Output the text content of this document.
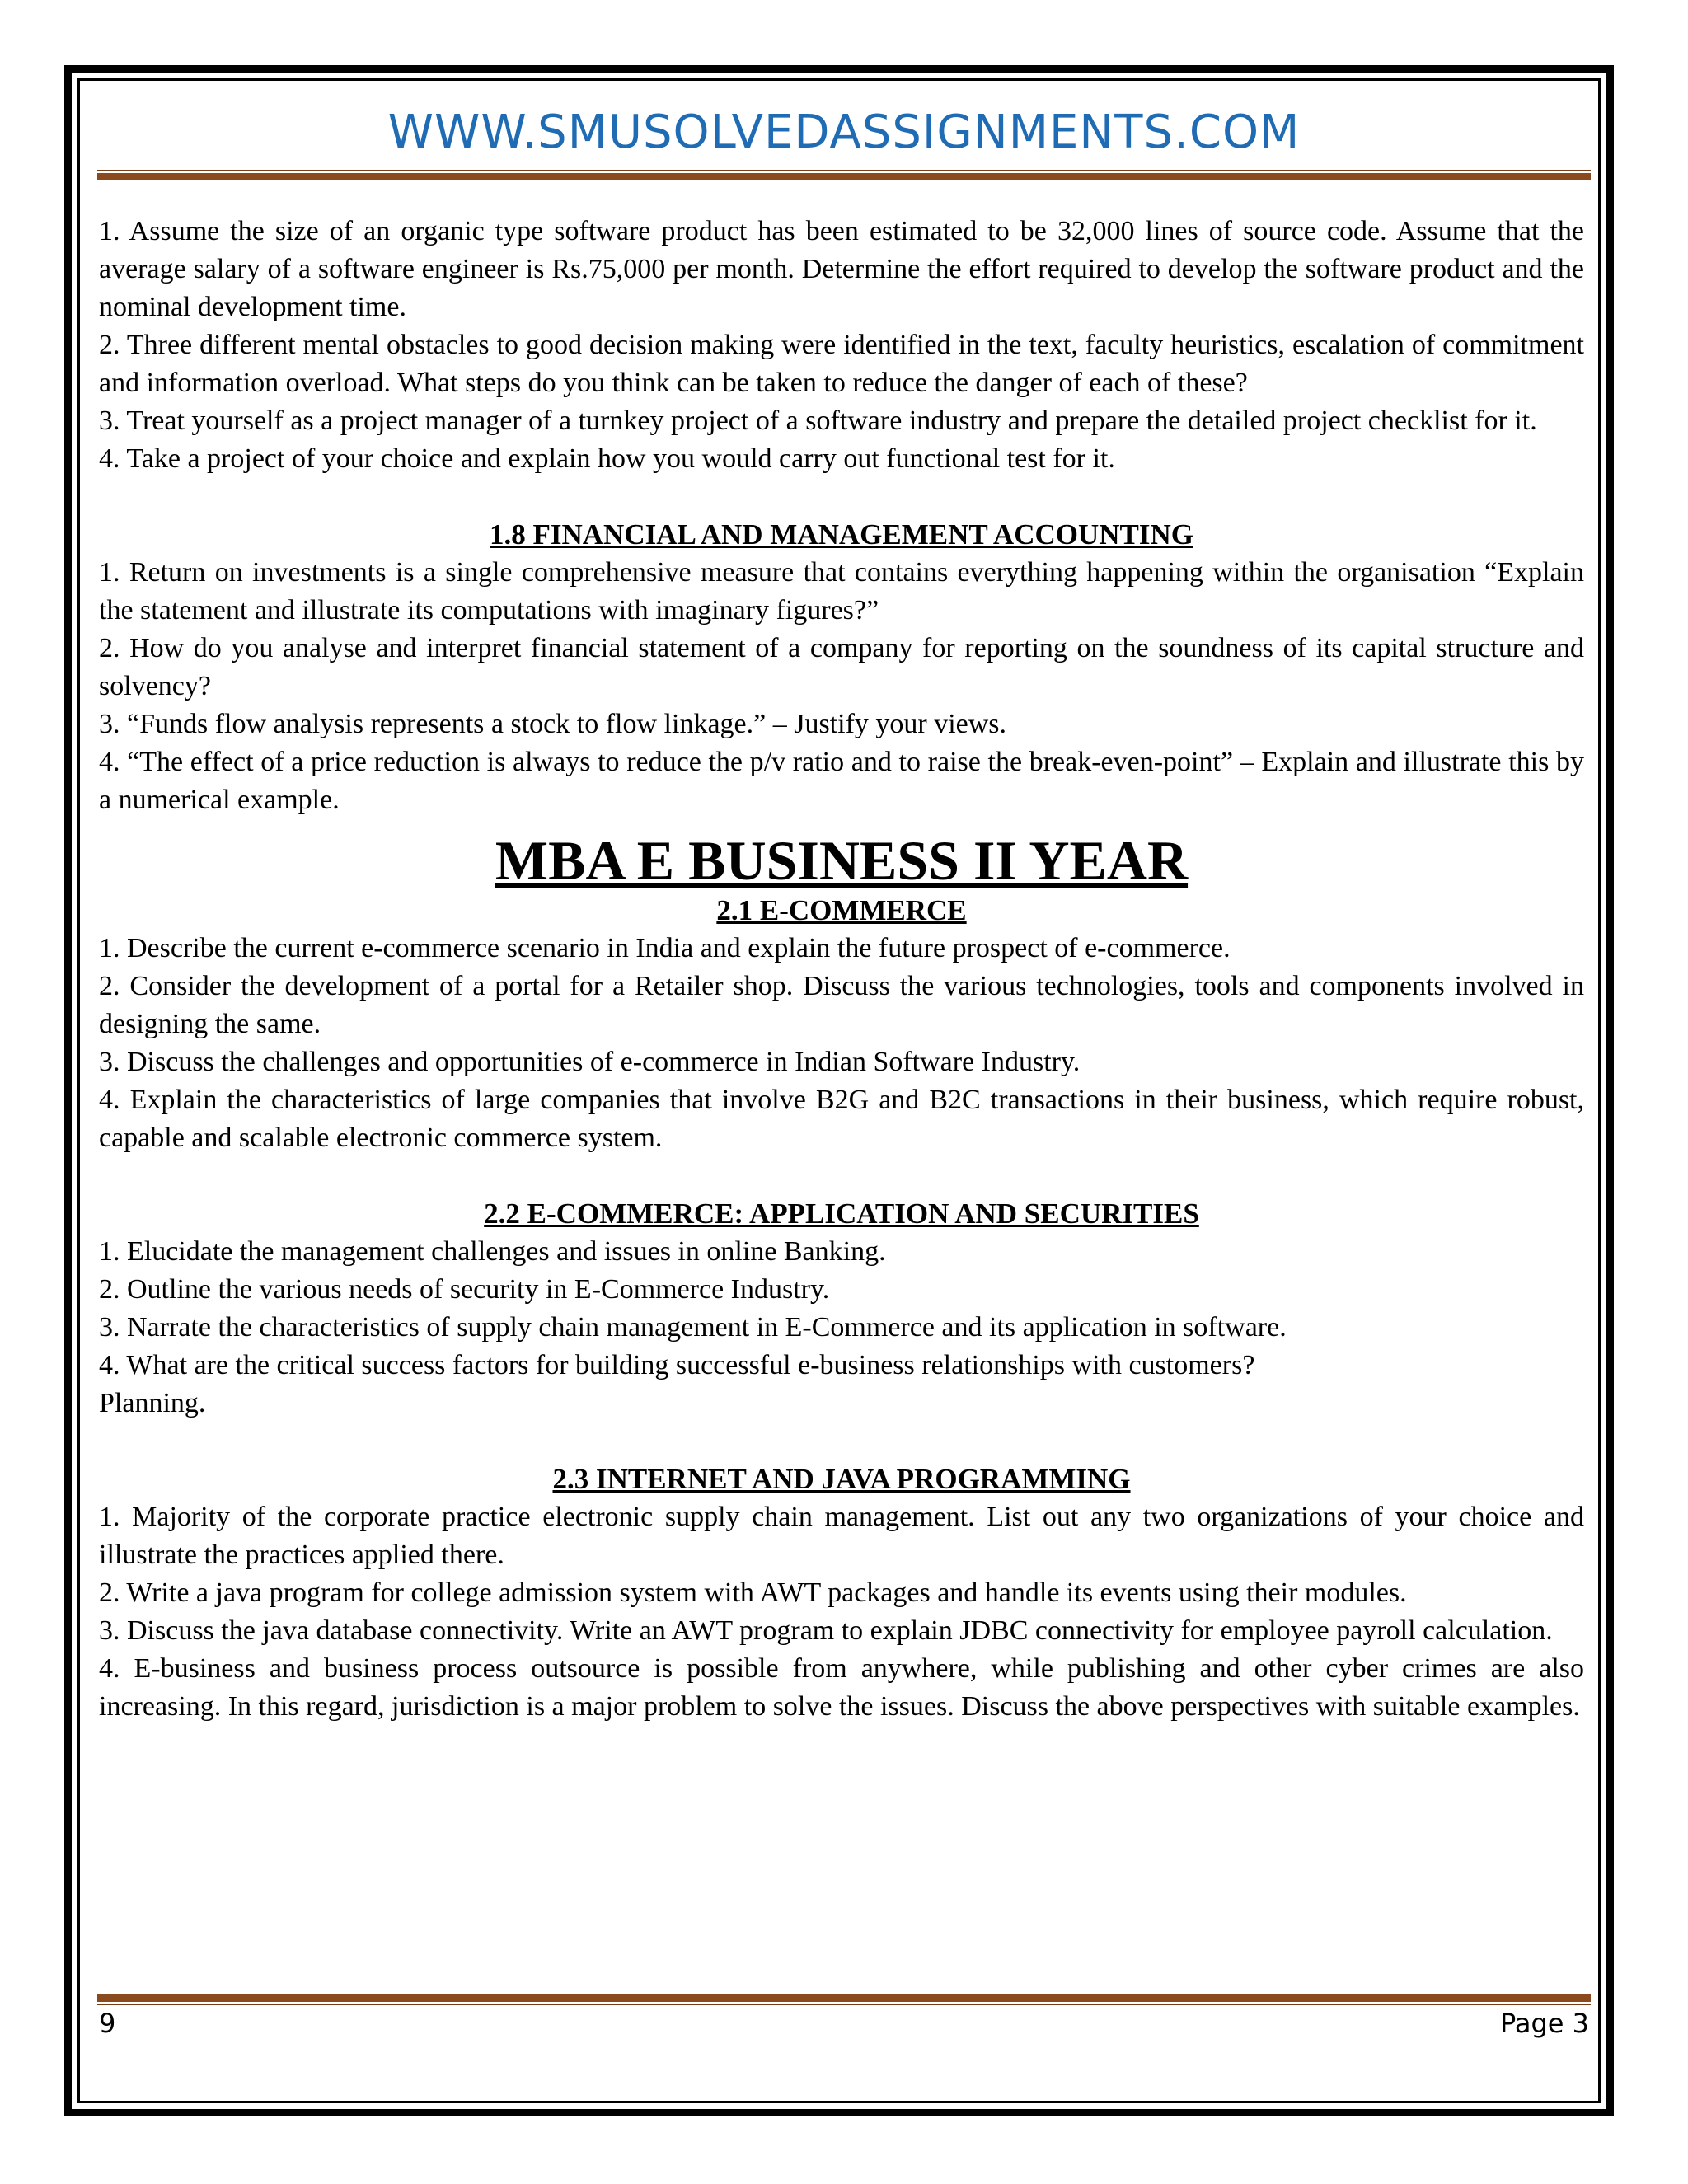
WWW.SMUSOLVEDASSIGNMENTS.COM

1. Assume the size of an organic type software product has been estimated to be 32,000 lines of source code. Assume that the average salary of a software engineer is Rs.75,000 per month. Determine the effort required to develop the software product and the nominal development time.

2. Three different mental obstacles to good decision making were identified in the text, faculty heuristics, escalation of commitment and information overload. What steps do you think can be taken to reduce the danger of each of these?

3. Treat yourself as a project manager of a turnkey project of a software industry and prepare the detailed project checklist for it.

4. Take a project of your choice and explain how you would carry out functional test for it.

1.8 FINANCIAL AND MANAGEMENT ACCOUNTING

1. Return on investments is a single comprehensive measure that contains everything happening within the organisation “Explain the statement and illustrate its computations with imaginary figures?”

2. How do you analyse and interpret financial statement of a company for reporting on the soundness of its capital structure and solvency?

3. “Funds flow analysis represents a stock to flow linkage.” – Justify your views.

4. “The effect of a price reduction is always to reduce the p/v ratio and to raise the break-even-point” – Explain and illustrate this by a numerical example.

MBA E BUSINESS II YEAR
2.1 E-COMMERCE

1. Describe the current e-commerce scenario in India and explain the future prospect of e-commerce.

2. Consider the development of a portal for a Retailer shop. Discuss the various technologies, tools and components involved in designing the same.

3. Discuss the challenges and opportunities of e-commerce in Indian Software Industry.

4. Explain the characteristics of large companies that involve B2G and B2C transactions in their business, which require robust, capable and scalable electronic commerce system.

2.2 E-COMMERCE: APPLICATION AND SECURITIES

1. Elucidate the management challenges and issues in online Banking.

2. Outline the various needs of security in E-Commerce Industry.

3. Narrate the characteristics of supply chain management in E-Commerce and its application in software.

4. What are the critical success factors for building successful e-business relationships with customers?

Planning.

2.3 INTERNET AND JAVA PROGRAMMING

1. Majority of the corporate practice electronic supply chain management. List out any two organizations of your choice and illustrate the practices applied there.

2. Write a java program for college admission system with AWT packages and handle its events using their modules.

3. Discuss the java database connectivity. Write an AWT program to explain JDBC connectivity for employee payroll calculation.

4. E-business and business process outsource is possible from anywhere, while publishing and other cyber crimes are also increasing. In this regard, jurisdiction is a major problem to solve the issues. Discuss the above perspectives with suitable examples.

9	Page 3
